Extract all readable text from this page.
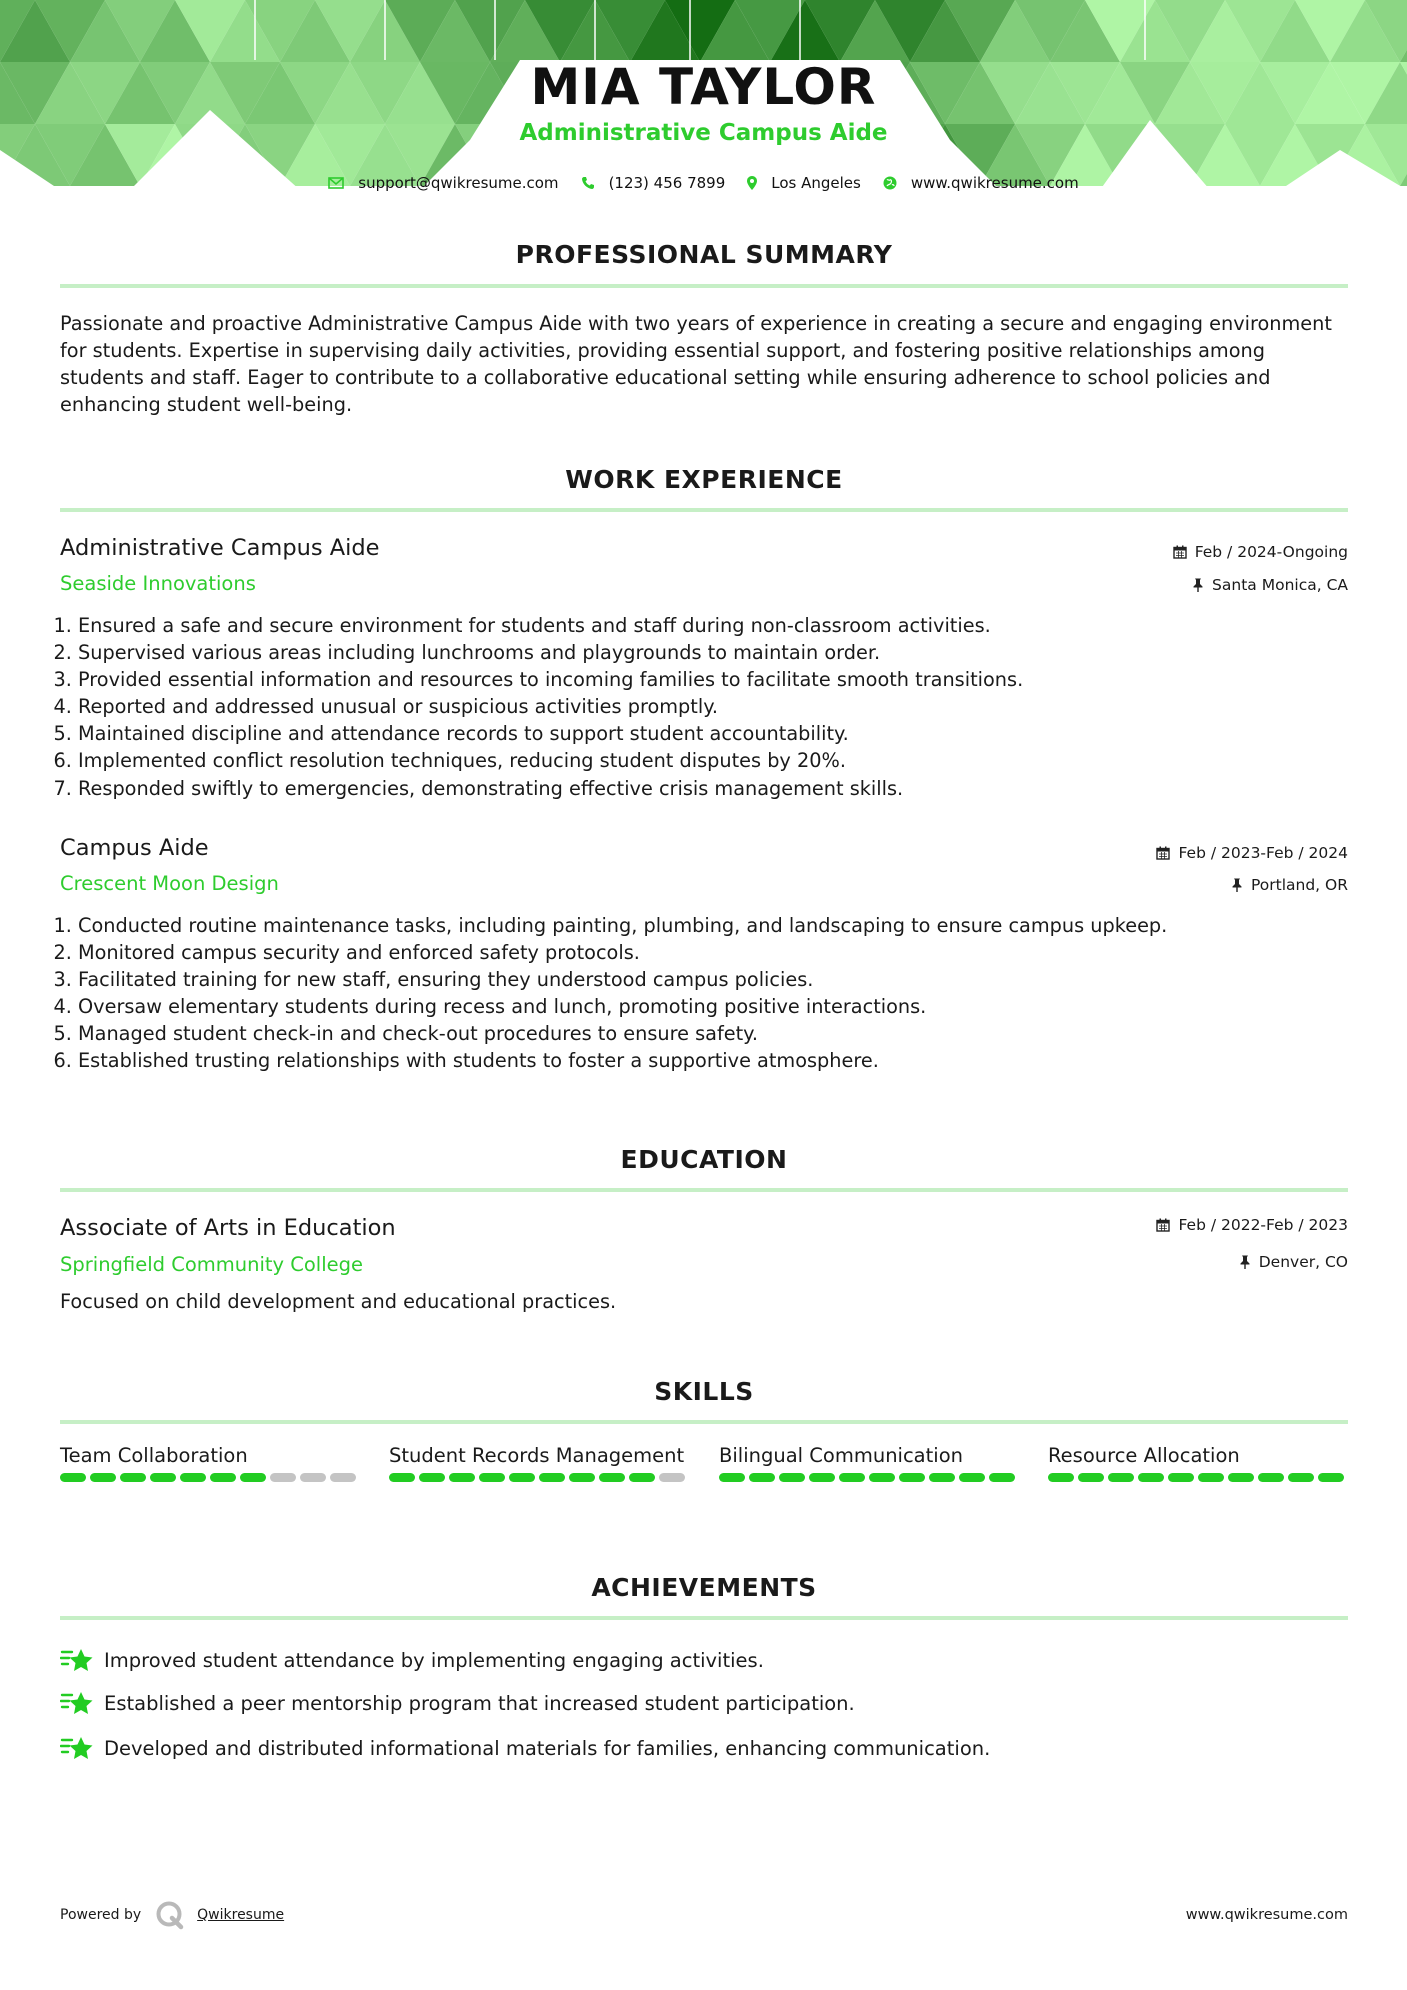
MIA TAYLOR
Administrative Campus Aide
support@qwikresume.com	(123) 456 7899	Los Angeles	www.qwikresume.com
PROFESSIONAL SUMMARY
Passionate and proactive Administrative Campus Aide with two years of experience in creating a secure and engaging environment for students. Expertise in supervising daily activities, providing essential support, and fostering positive relationships among students and staff. Eager to contribute to a collaborative educational setting while ensuring adherence to school policies and enhancing student well-being.
WORK EXPERIENCE
Administrative Campus Aide
Seaside Innovations
Feb / 2024-Ongoing
Santa Monica, CA
1. Ensured a safe and secure environment for students and staff during non-classroom activities.
2. Supervised various areas including lunchrooms and playgrounds to maintain order.
3. Provided essential information and resources to incoming families to facilitate smooth transitions.
4. Reported and addressed unusual or suspicious activities promptly.
5. Maintained discipline and attendance records to support student accountability.
6. Implemented conflict resolution techniques, reducing student disputes by 20%.
7. Responded swiftly to emergencies, demonstrating effective crisis management skills.
Campus Aide
Crescent Moon Design
Feb / 2023-Feb / 2024
Portland, OR
1. Conducted routine maintenance tasks, including painting, plumbing, and landscaping to ensure campus upkeep.
2. Monitored campus security and enforced safety protocols.
3. Facilitated training for new staff, ensuring they understood campus policies.
4. Oversaw elementary students during recess and lunch, promoting positive interactions.
5. Managed student check-in and check-out procedures to ensure safety.
6. Established trusting relationships with students to foster a supportive atmosphere.
EDUCATION
Associate of Arts in Education
Springfield Community College
Feb / 2022-Feb / 2023
Denver, CO
Focused on child development and educational practices.
SKILLS
Team Collaboration	Student Records Management Bilingual Communication	Resource Allocation
ACHIEVEMENTS
Improved student attendance by implementing engaging activities.
Established a peer mentorship program that increased student participation.
Developed and distributed informational materials for families, enhancing communication.
Powered by	Qwikresume	www.qwikresume.com
